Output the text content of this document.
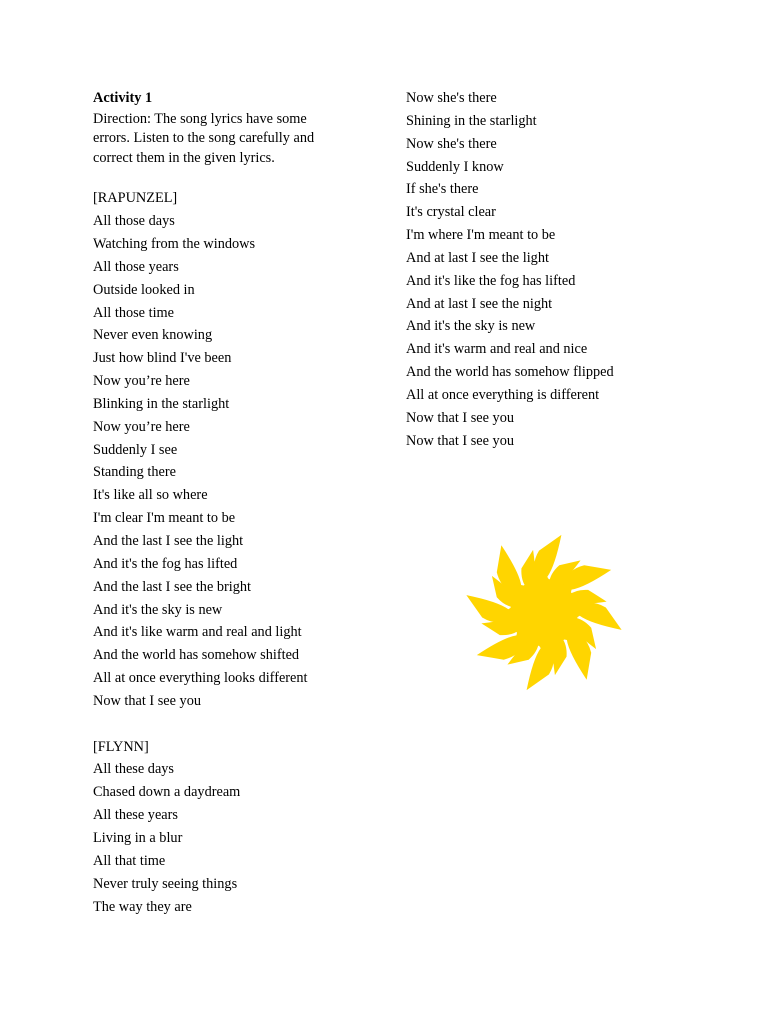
Activity 1
Direction: The song lyrics have some errors. Listen to the song carefully and correct them in the given lyrics.
[RAPUNZEL]
All those days
Watching from the windows
All those years
Outside looked in
All those time
Never even knowing
Just how blind I've been
Now you’re here
Blinking in the starlight
Now you’re here
Suddenly I see
Standing there
It's like all so where
I'm clear I'm meant to be
And the last I see the light
And it's the fog has lifted
And the last I see the bright
And it's the sky is new
And it's like warm and real and light
And the world has somehow shifted
All at once everything looks different
Now that I see you
[FLYNN]
All these days
Chased down a daydream
All these years
Living in a blur
All that time
Never truly seeing things
The way they are
Now she's there
Shining in the starlight
Now she's there
Suddenly I know
If she's there
It's crystal clear
I'm where I'm meant to be
And at last I see the light
And it's like the fog has lifted
And at last I see the night
And it's the sky is new
And it's warm and real and nice
And the world has somehow flipped
All at once everything is different
Now that I see you
Now that I see you
